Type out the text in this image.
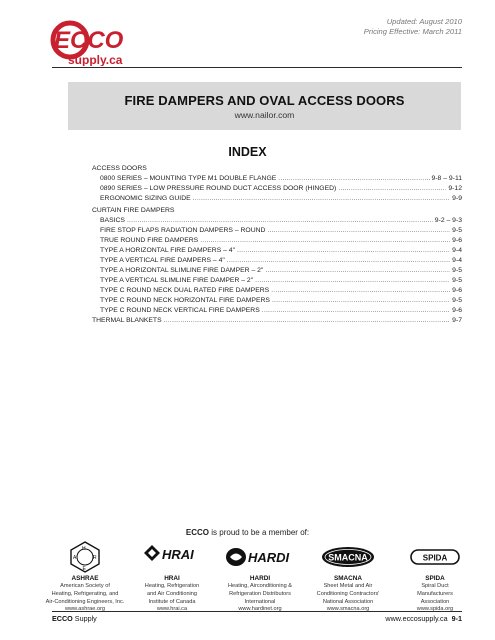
ECCO
supply.ca
Updated: August 2010
Pricing Effective: March 2011
FIRE DAMPERS AND OVAL ACCESS DOORS
www.nailor.com
INDEX
ACCESS DOORS
0800 SERIES – MOUNTING TYPE M1 DOUBLE FLANGE .....	9-8 – 9-11
0890 SERIES – LOW PRESSURE ROUND DUCT ACCESS DOOR (HINGED) .....	9-12
ERGONOMIC SIZING GUIDE .....	9-9
CURTAIN FIRE DAMPERS
BASICS .....	9-2 – 9-3
FIRE STOP FLAPS RADIATION DAMPERS – ROUND .....	9-5
TRUE ROUND FIRE DAMPERS .....	9-6
TYPE A HORIZONTAL FIRE DAMPERS – 4" .....	9-4
TYPE A VERTICAL FIRE DAMPERS – 4" .....	9-4
TYPE A HORIZONTAL SLIMLINE FIRE DAMPER – 2" .....	9-5
TYPE A VERTICAL SLIMLINE FIRE DAMPER – 2" .....	9-5
TYPE C ROUND NECK DUAL RATED FIRE DAMPERS .....	9-6
TYPE C ROUND NECK HORIZONTAL FIRE DAMPERS .....	9-5
TYPE C ROUND NECK VERTICAL FIRE DAMPERS .....	9-6
THERMAL BLANKETS .....	9-7
ECCO is proud to be a member of:
H
A	R
E
ASHRAE
American Society of
Heating, Refrigerating, and
Air-Conditioning Engineers, Inc.
www.ashrae.org
HRAI
HRAI
Heating, Refrigeration
and Air Conditioning
Institute of Canada
www.hrai.ca
HARDI
HARDI
Heating, Airconditioning &
Refrigeration Distributors
International
www.hardinet.org
SMACNA
SMACNA
Sheet Metal and Air
Conditioning Contractors'
National Association
www.smacna.org
SPIDA
SPIDA
Spiral Duct
Manufacturers
Association
www.spida.org
ECCO Supply	www.eccosupply.ca 9-1
